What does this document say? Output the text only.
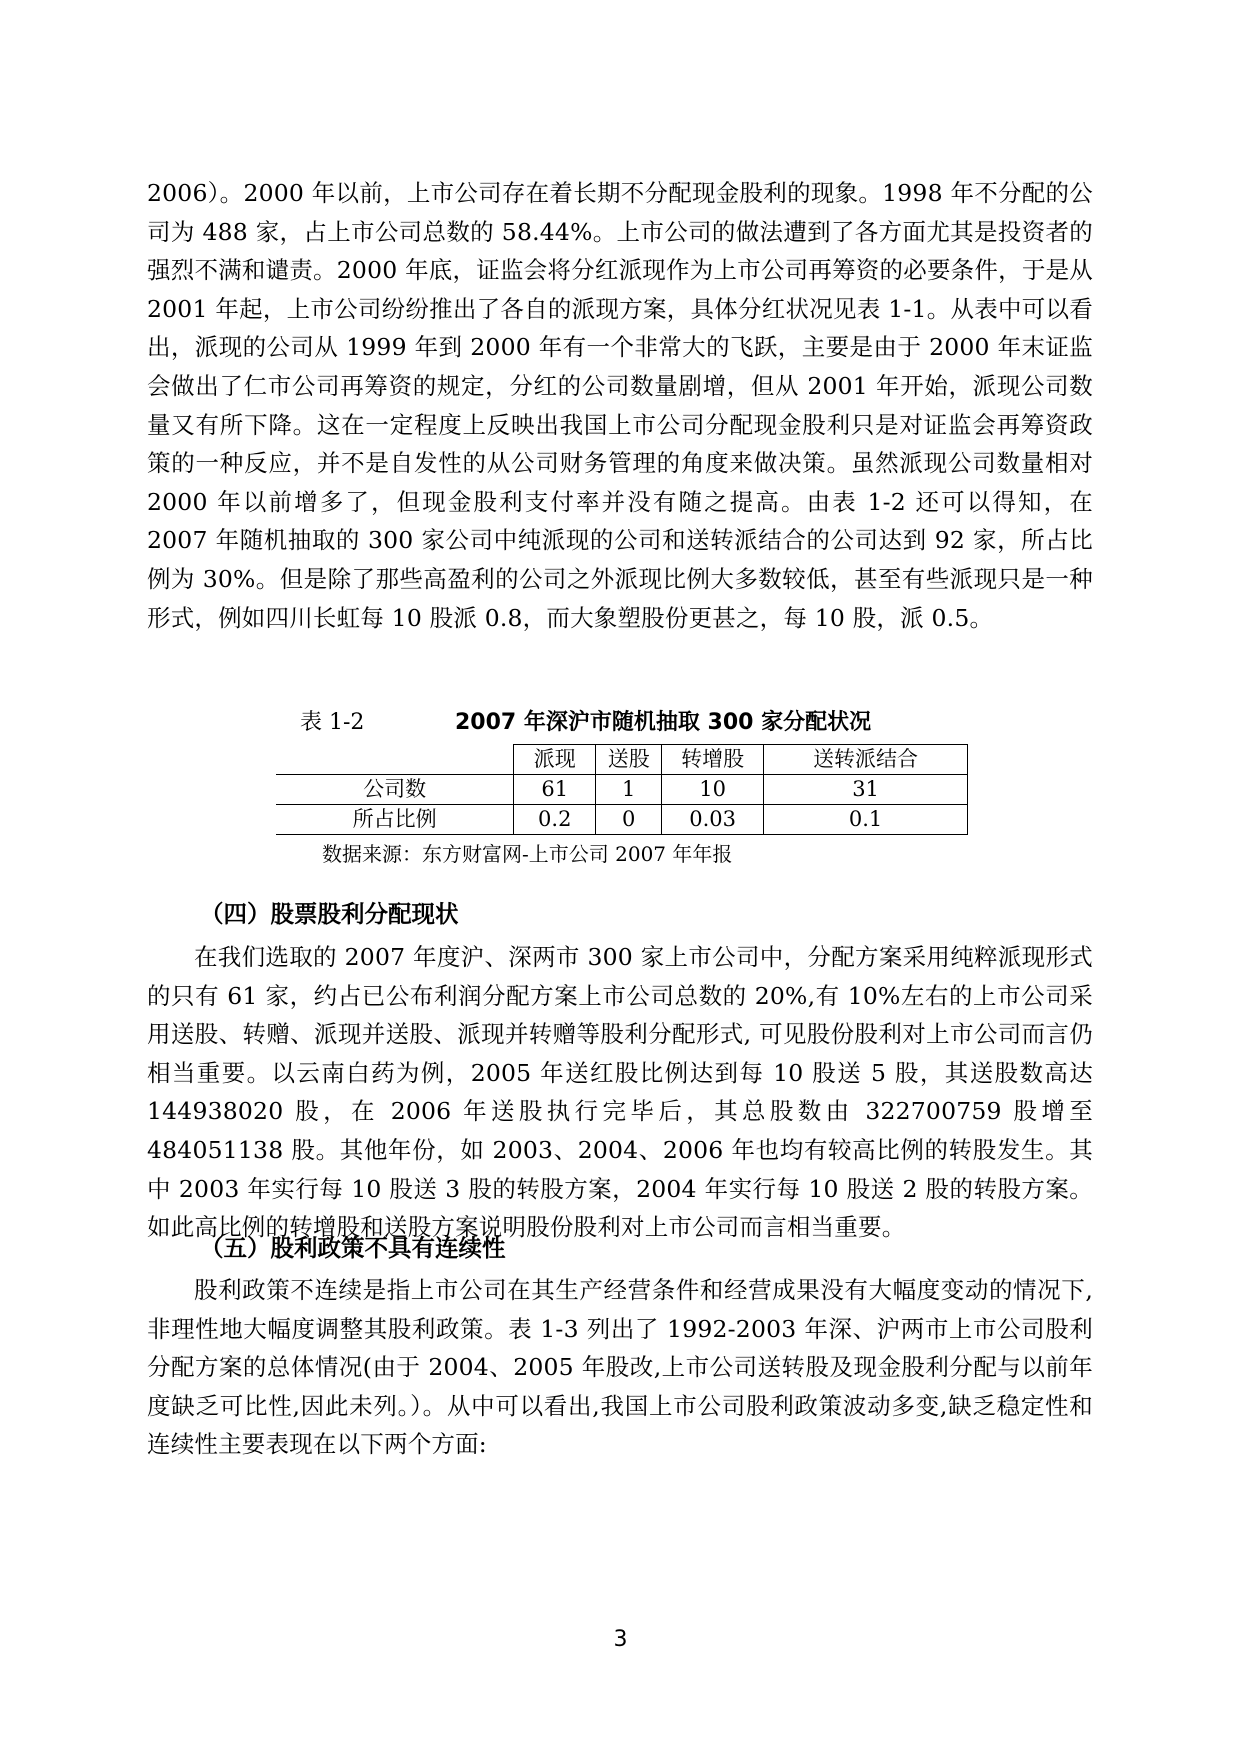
2006）。2000 年以前，上市公司存在着长期不分配现金股利的现象。1998 年不分配的公司为 488 家，占上市公司总数的 58.44%。上市公司的做法遭到了各方面尤其是投资者的强烈不满和谴责。2000 年底，证监会将分红派现作为上市公司再筹资的必要条件，于是从 2001 年起，上市公司纷纷推出了各自的派现方案，具体分红状况见表 1-1。从表中可以看出，派现的公司从 1999 年到 2000 年有一个非常大的飞跃，主要是由于 2000 年末证监会做出了仁市公司再筹资的规定，分红的公司数量剧增，但从 2001 年开始，派现公司数量又有所下降。这在一定程度上反映出我国上市公司分配现金股利只是对证监会再筹资政策的一种反应，并不是自发性的从公司财务管理的角度来做决策。虽然派现公司数量相对 2000 年以前增多了，但现金股利支付率并没有随之提高。由表 1-2 还可以得知，在 2007 年随机抽取的 300 家公司中纯派现的公司和送转派结合的公司达到 92 家，所占比例为 30%。但是除了那些高盈利的公司之外派现比例大多数较低，甚至有些派现只是一种形式，例如四川长虹每 10 股派 0.8，而大象塑股份更甚之，每 10 股，派 0.5。

表 1-2	2007 年深沪市随机抽取 300 家分配状况
	派现	送股	转增股	送转派结合
公司数	61	1	10	31
所占比例	0.2	0	0.03	0.1

数据来源：东方财富网-上市公司 2007 年年报

（四）股票股利分配现状

在我们选取的 2007 年度沪、深两市 300 家上市公司中，分配方案采用纯粹派现形式的只有 61 家，约占已公布利润分配方案上市公司总数的 20%,有 10%左右的上市公司采用送股、转赠、派现并送股、派现并转赠等股利分配形式, 可见股份股利对上市公司而言仍相当重要。以云南白药为例，2005 年送红股比例达到每 10 股送 5 股，其送股数高达 144938020 股，在 2006 年送股执行完毕后，其总股数由 322700759 股增至 484051138 股。其他年份，如 2003、2004、2006 年也均有较高比例的转股发生。其中 2003 年实行每 10 股送 3 股的转股方案，2004 年实行每 10 股送 2 股的转股方案。 如此高比例的转增股和送股方案说明股份股利对上市公司而言相当重要。

（五）股利政策不具有连续性

股利政策不连续是指上市公司在其生产经营条件和经营成果没有大幅度变动的情况下,非理性地大幅度调整其股利政策。表 1-3 列出了 1992-2003 年深、沪两市上市公司股利分配方案的总体情况(由于 2004、2005 年股改,上市公司送转股及现金股利分配与以前年度缺乏可比性,因此未列。）。从中可以看出,我国上市公司股利政策波动多变,缺乏稳定性和连续性主要表现在以下两个方面:

3
